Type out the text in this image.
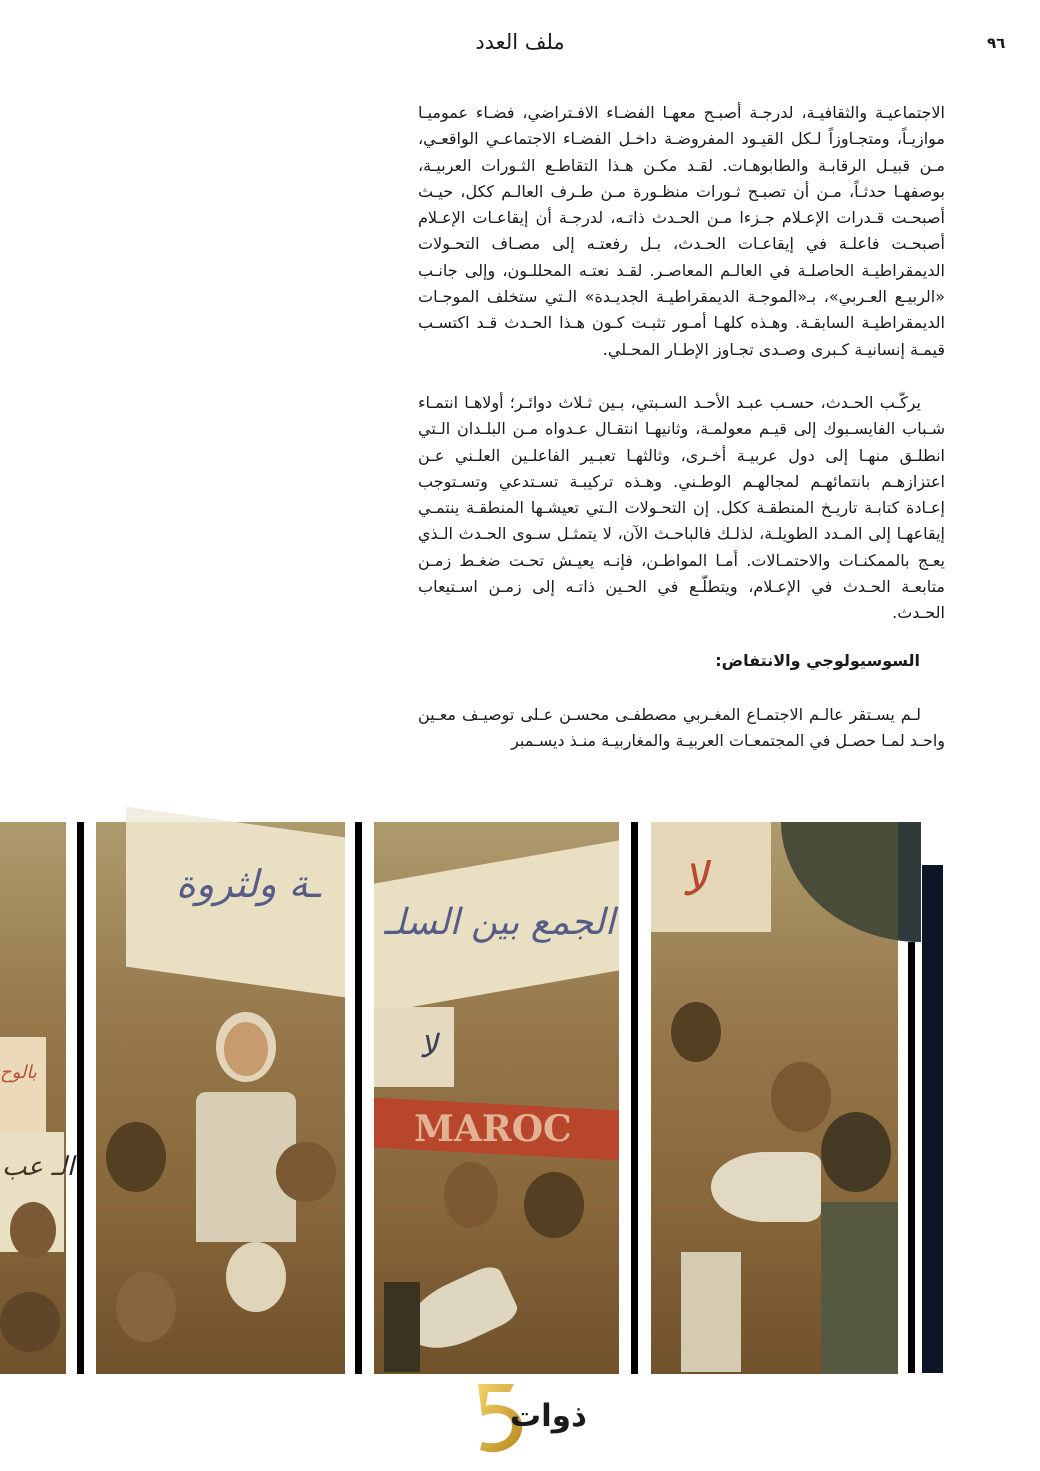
٩٦
ملف العدد

الاجتماعيـة والثقافيـة، لدرجـة أصبـح معهـا الفضـاء الافـتراضي، فضـاء عموميـا موازيـاً، ومتجـاوزاً لـكل القيـود المفروضـة داخـل الفضـاء الاجتماعـي الواقعـي، مـن قبيـل الرقابـة والطابوهـات. لقـد مكـن هـذا التقاطـع الثـورات العربيـة، بوصفهـا حدثـاً، مـن أن تصبـح ثـورات منظـورة مـن طـرف العالـم ككل، حيـث أصبحـت قـدرات الإعـلام جـزءا مـن الحـدث ذاتـه، لدرجـة أن إيقاعـات الإعـلام أصبحـت فاعلـة في إيقاعـات الحـدث، بـل رفعتـه إلى مصـاف التحـولات الديمقراطيـة الحاصلـة في العالـم المعاصـر. لقـد نعتـه المحللـون، وإلى جانـب «الربيـع العـربي»، بـ«الموجـة الديمقراطيـة الجديـدة» الـتي ستخلف الموجـات الديمقراطيـة السابقـة. وهـذه كلهـا أمـور تثبـت كـون هـذا الحـدث قـد اكتسـب قيمـة إنسانيـة كـبرى وصـدى تجـاوز الإطـار المحـلي.

يركّـب الحـدث، حسـب عبـد الأحـد السـبتي، بـين ثـلاث دوائـر؛ أولاهـا انتمـاء شـباب الفايسـبوك إلى قيـم معولمـة، وثانيهـا انتقـال عـدواه مـن البلـدان الـتي انطلـق منهـا إلى دول عربيـة أخـرى، وثالثهـا تعبـير الفاعلـين العلـني عـن اعتزازهـم بانتمائهـم لمجالهـم الوطـني. وهـذه تركيبـة تسـتدعي وتسـتوجب إعـادة كتابـة تاريـخ المنطقـة ككل. إن التحـولات الـتي تعيشـها المنطقـة ينتمـي إيقاعهـا إلى المـدد الطويلـة، لذلـك فالباحـث الآن، لا يتمثـل سـوى الحـدث الـذي يعـج بالممكنـات والاحتمـالات. أمـا المواطـن، فإنـه يعيـش تحـت ضغـط زمـن متابعـة الحـدث في الإعـلام، ويتطلّـع في الحـين ذاتـه إلى زمـن اسـتيعاب الحـدث.

السوسيولوجي والانتفاض:

لـم يسـتقر عالـم الاجتمـاع المغـربي مصطفـى محسـن عـلى توصيـف معـين واحـد لمـا حصـل في المجتمعـات العربيـة والمغاربيـة منـذ ديسـمبر

بالوح
الـ عب
ـة ولثروة
الجمع بين السلـ
لا
MAROC
لا
ذوات
